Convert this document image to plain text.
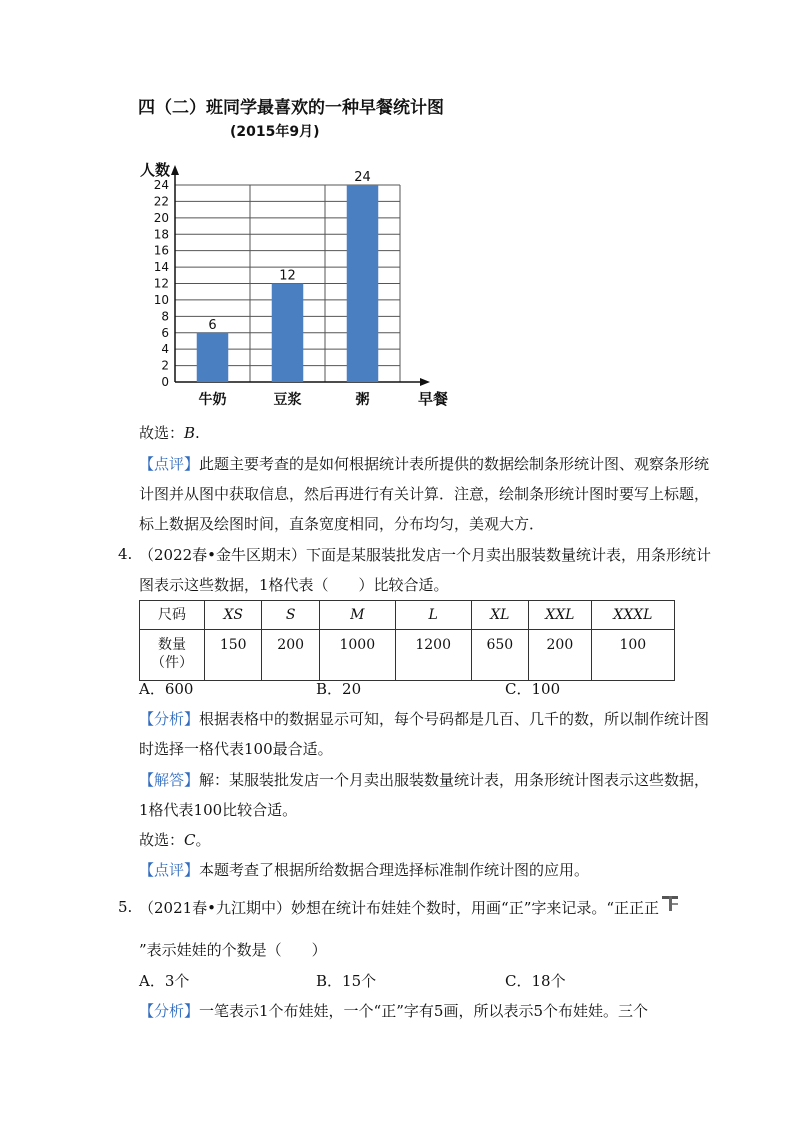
四（二）班同学最喜欢的一种早餐统计图
(2015年9月)
人数
0
2
4
6
8
10
12
14
16
18
20
22
24
6
牛奶
12
豆浆
24
粥	早餐
故选：B.
【点评】此题主要考查的是如何根据统计表所提供的数据绘制条形统计图、观察条形统
计图并从图中获取信息，然后再进行有关计算．注意，绘制条形统计图时要写上标题，
标上数据及绘图时间，直条宽度相同，分布均匀，美观大方．
4. （2022春•金牛区期末）下面是某服装批发店一个月卖出服装数量统计表，用条形统计
图表示这些数据，1格代表（　　）比较合适。
尺码	XS	S	M	L	XL	XXL	XXXL

数量
（件）	150	200	1000	1200	650	200	100
A．600	B．20	C．100
【分析】根据表格中的数据显示可知，每个号码都是几百、几千的数，所以制作统计图
时选择一格代表100最合适。
【解答】解：某服装批发店一个月卖出服装数量统计表，用条形统计图表示这些数据，
1格代表100比较合适。
故选：C。
【点评】本题考查了根据所给数据合理选择标准制作统计图的应用。
5. （2021春•九江期中）妙想在统计布娃娃个数时，用画“正”字来记录。“正正正
”表示娃娃的个数是（　　）
A．3个	B．15个	C．18个
【分析】一笔表示1个布娃娃，一个“正”字有5画，所以表示5个布娃娃。三个
